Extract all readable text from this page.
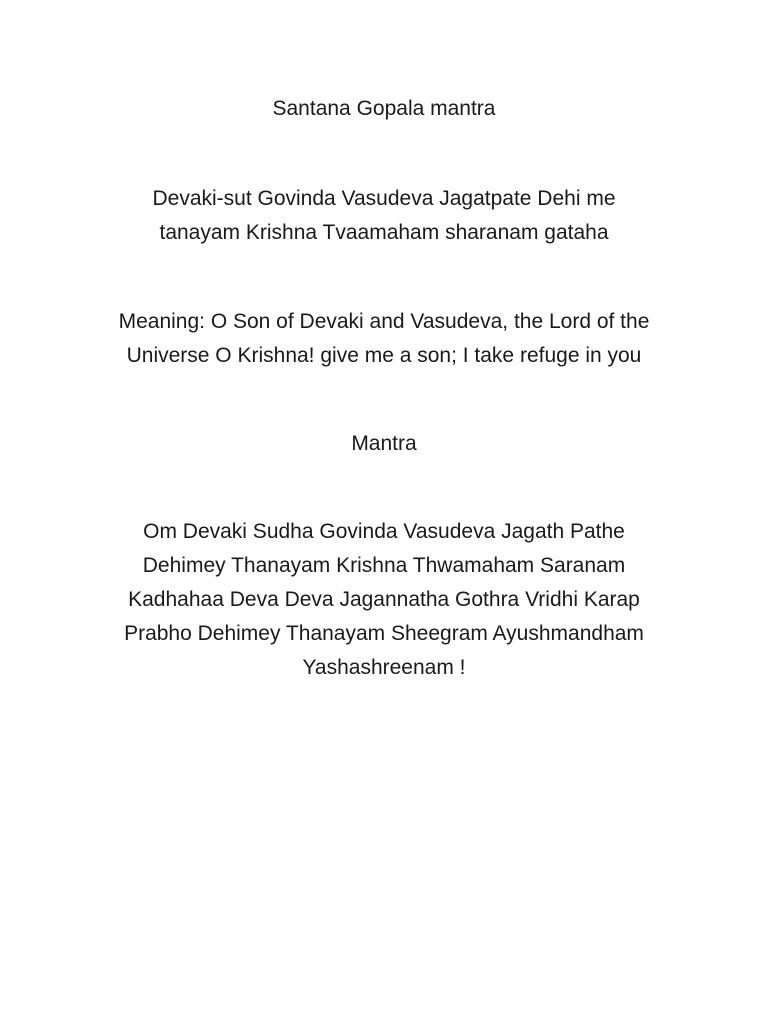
Santana Gopala mantra

Devaki-sut Govinda Vasudeva Jagatpate Dehi me
tanayam Krishna Tvaamaham sharanam gataha

Meaning: O Son of Devaki and Vasudeva, the Lord of the
Universe O Krishna! give me a son; I take refuge in you

Mantra

Om Devaki Sudha Govinda Vasudeva Jagath Pathe
Dehimey Thanayam Krishna Thwamaham Saranam
Kadhahaa Deva Deva Jagannatha Gothra Vridhi Karap
Prabho Dehimey Thanayam Sheegram Ayushmandham
Yashashreenam !
